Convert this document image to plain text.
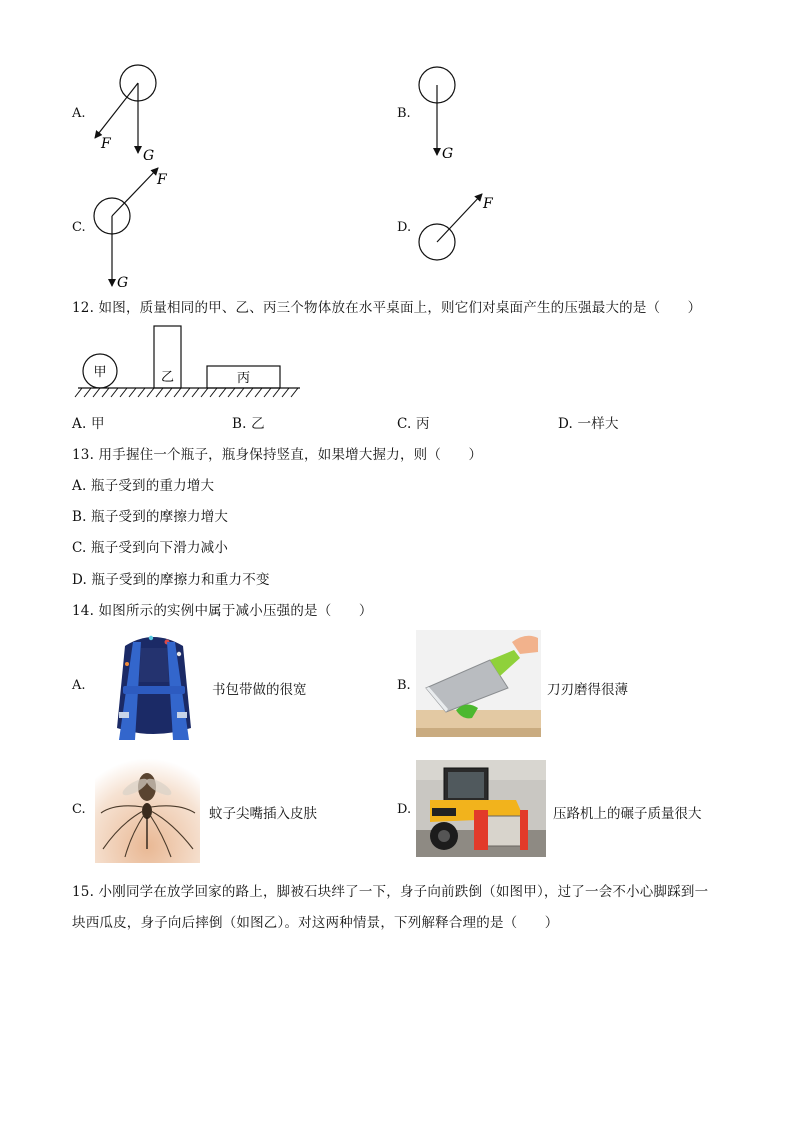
A.
F
G
B.
G
C.
F
G
D.
F
12. 如图，质量相同的甲、乙、丙三个物体放在水平桌面上，则它们对桌面产生的压强最大的是（　　）
甲	乙	丙
A. 甲	B. 乙	C. 丙	D. 一样大
13. 用手握住一个瓶子，瓶身保持竖直，如果增大握力，则（　　）
A. 瓶子受到的重力增大
B. 瓶子受到的摩擦力增大
C. 瓶子受到向下滑力减小
D. 瓶子受到的摩擦力和重力不变
14. 如图所示的实例中属于减小压强的是（　　）
A.	书包带做的很宽	B.	刀刃磨得很薄
C.	蚊子尖嘴插入皮肤	D.	压路机上的碾子质量很大
15. 小刚同学在放学回家的路上，脚被石块绊了一下，身子向前跌倒（如图甲），过了一会不小心脚踩到一
块西瓜皮，身子向后摔倒（如图乙）。对这两种情景，下列解释合理的是（　　）
